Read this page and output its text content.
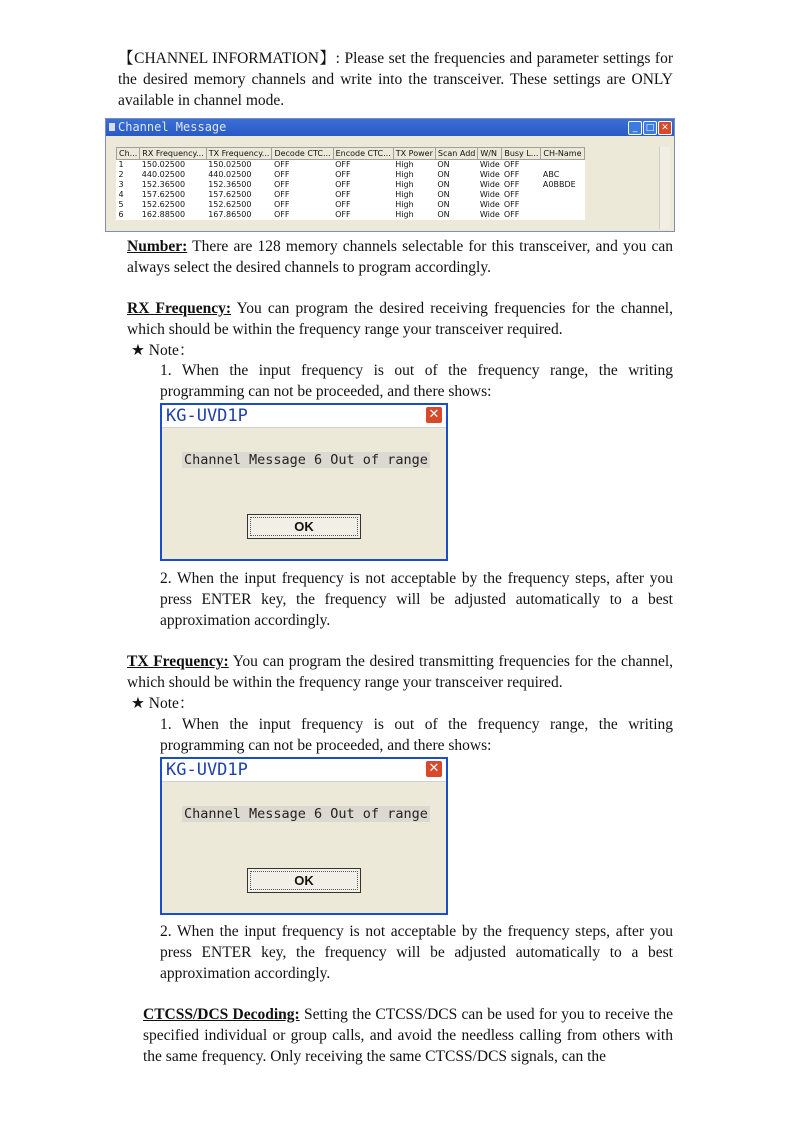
【CHANNEL INFORMATION】: Please set the frequencies and parameter settings for the desired memory channels and write into the transceiver. These settings are ONLY available in channel mode.
Channel Message	_ □ ✕
Ch...	RX Frequency...	TX Frequency...	Decode CTC...	Encode CTC...	TX Power	Scan Add	W/N	Busy L...	CH-Name
1	150.02500	150.02500	OFF	OFF	High	ON	Wide	OFF	
2	440.02500	440.02500	OFF	OFF	High	ON	Wide	OFF	ABC
3	152.36500	152.36500	OFF	OFF	High	ON	Wide	OFF	A0BBDE
4	157.62500	157.62500	OFF	OFF	High	ON	Wide	OFF	
5	152.62500	152.62500	OFF	OFF	High	ON	Wide	OFF	
6	162.88500	167.86500	OFF	OFF	High	ON	Wide	OFF	
Number: There are 128 memory channels selectable for this transceiver, and you can always select the desired channels to program accordingly.
RX Frequency: You can program the desired receiving frequencies for the channel, which should be within the frequency range your transceiver required.
★ Note：
1. When the input frequency is out of the frequency range, the writing programming can not be proceeded, and there shows:
KG-UVD1P	✕
Channel Message 6 Out of range
OK
2. When the input frequency is not acceptable by the frequency steps, after you press ENTER key, the frequency will be adjusted automatically to a best approximation accordingly.
TX Frequency: You can program the desired transmitting frequencies for the channel, which should be within the frequency range your transceiver required.
★ Note：
1. When the input frequency is out of the frequency range, the writing programming can not be proceeded, and there shows:
KG-UVD1P	✕
Channel Message 6 Out of range
OK
2. When the input frequency is not acceptable by the frequency steps, after you press ENTER key, the frequency will be adjusted automatically to a best approximation accordingly.
CTCSS/DCS Decoding: Setting the CTCSS/DCS can be used for you to receive the specified individual or group calls, and avoid the needless calling from others with the same frequency. Only receiving the same CTCSS/DCS signals, can the
